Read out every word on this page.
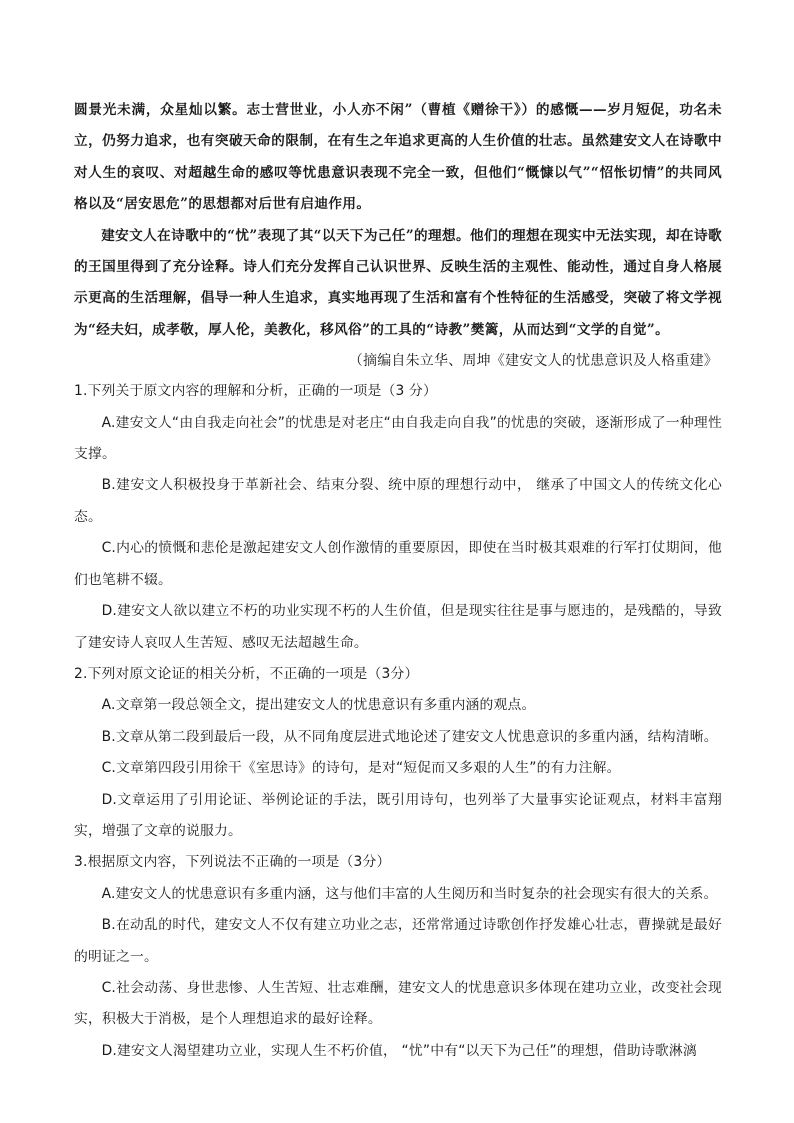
圆景光未满，众星灿以繁。志士营世业，小人亦不闲”（曹植《赠徐干》）的感慨——岁月短促，功名未立，仍努力追求，也有突破天命的限制，在有生之年追求更高的人生价值的壮志。虽然建安文人在诗歌中对人生的哀叹、对超越生命的感叹等忧患意识表现不完全一致，但他们“慨慷以气”“怊怅切情”的共同风格以及“居安思危”的思想都对后世有启迪作用。

建安文人在诗歌中的“忧”表现了其“以天下为己任”的理想。他们的理想在现实中无法实现，却在诗歌的王国里得到了充分诠释。诗人们充分发挥自己认识世界、反映生活的主观性、能动性，通过自身人格展示更高的生活理解，倡导一种人生追求，真实地再现了生活和富有个性特征的生活感受，突破了将文学视为“经夫妇，成孝敬，厚人伦，美教化，移风俗”的工具的“诗教”樊篱，从而达到“文学的自觉”。

（摘编自朱立华、周坤《建安文人的忧患意识及人格重建》

1.下列关于原文内容的理解和分析，正确的一项是（3 分）

A.建安文人“由自我走向社会”的忧患是对老庄“由自我走向自我”的忧患的突破，逐渐形成了一种理性支撑。

B.建安文人积极投身于革新社会、结束分裂、统中原的理想行动中， 继承了中国文人的传统文化心态。

C.内心的愤慨和悲伦是激起建安文人创作激情的重要原因，即使在当时极其艰难的行军打仗期间，他们也笔耕不辍。

D.建安文人欲以建立不朽的功业实现不朽的人生价值，但是现实往往是事与愿违的，是残酷的，导致了建安诗人哀叹人生苦短、感叹无法超越生命。

2.下列对原文论证的相关分析，不正确的一项是（3分）

A.文章第一段总领全文，提出建安文人的忧患意识有多重内涵的观点。

B.文章从第二段到最后一段，从不同角度层进式地论述了建安文人忧患意识的多重内涵，结构清晰。

C.文章第四段引用徐干《室思诗》的诗句，是对“短促而又多艰的人生”的有力注解。

D.文章运用了引用论证、举例论证的手法，既引用诗句，也列举了大量事实论证观点，材料丰富翔实，增强了文章的说服力。

3.根据原文内容，下列说法不正确的一项是（3分）

A.建安文人的忧患意识有多重内涵，这与他们丰富的人生阅历和当时复杂的社会现实有很大的关系。

B.在动乱的时代，建安文人不仅有建立功业之志，还常常通过诗歌创作抒发雄心壮志，曹操就是最好的明证之一。

C.社会动荡、身世悲惨、人生苦短、壮志难酬，建安文人的忧患意识多体现在建功立业，改变社会现实，积极大于消极，是个人理想追求的最好诠释。

D.建安文人渴望建功立业，实现人生不朽价值， “忧”中有“以天下为己任”的理想，借助诗歌淋漓
